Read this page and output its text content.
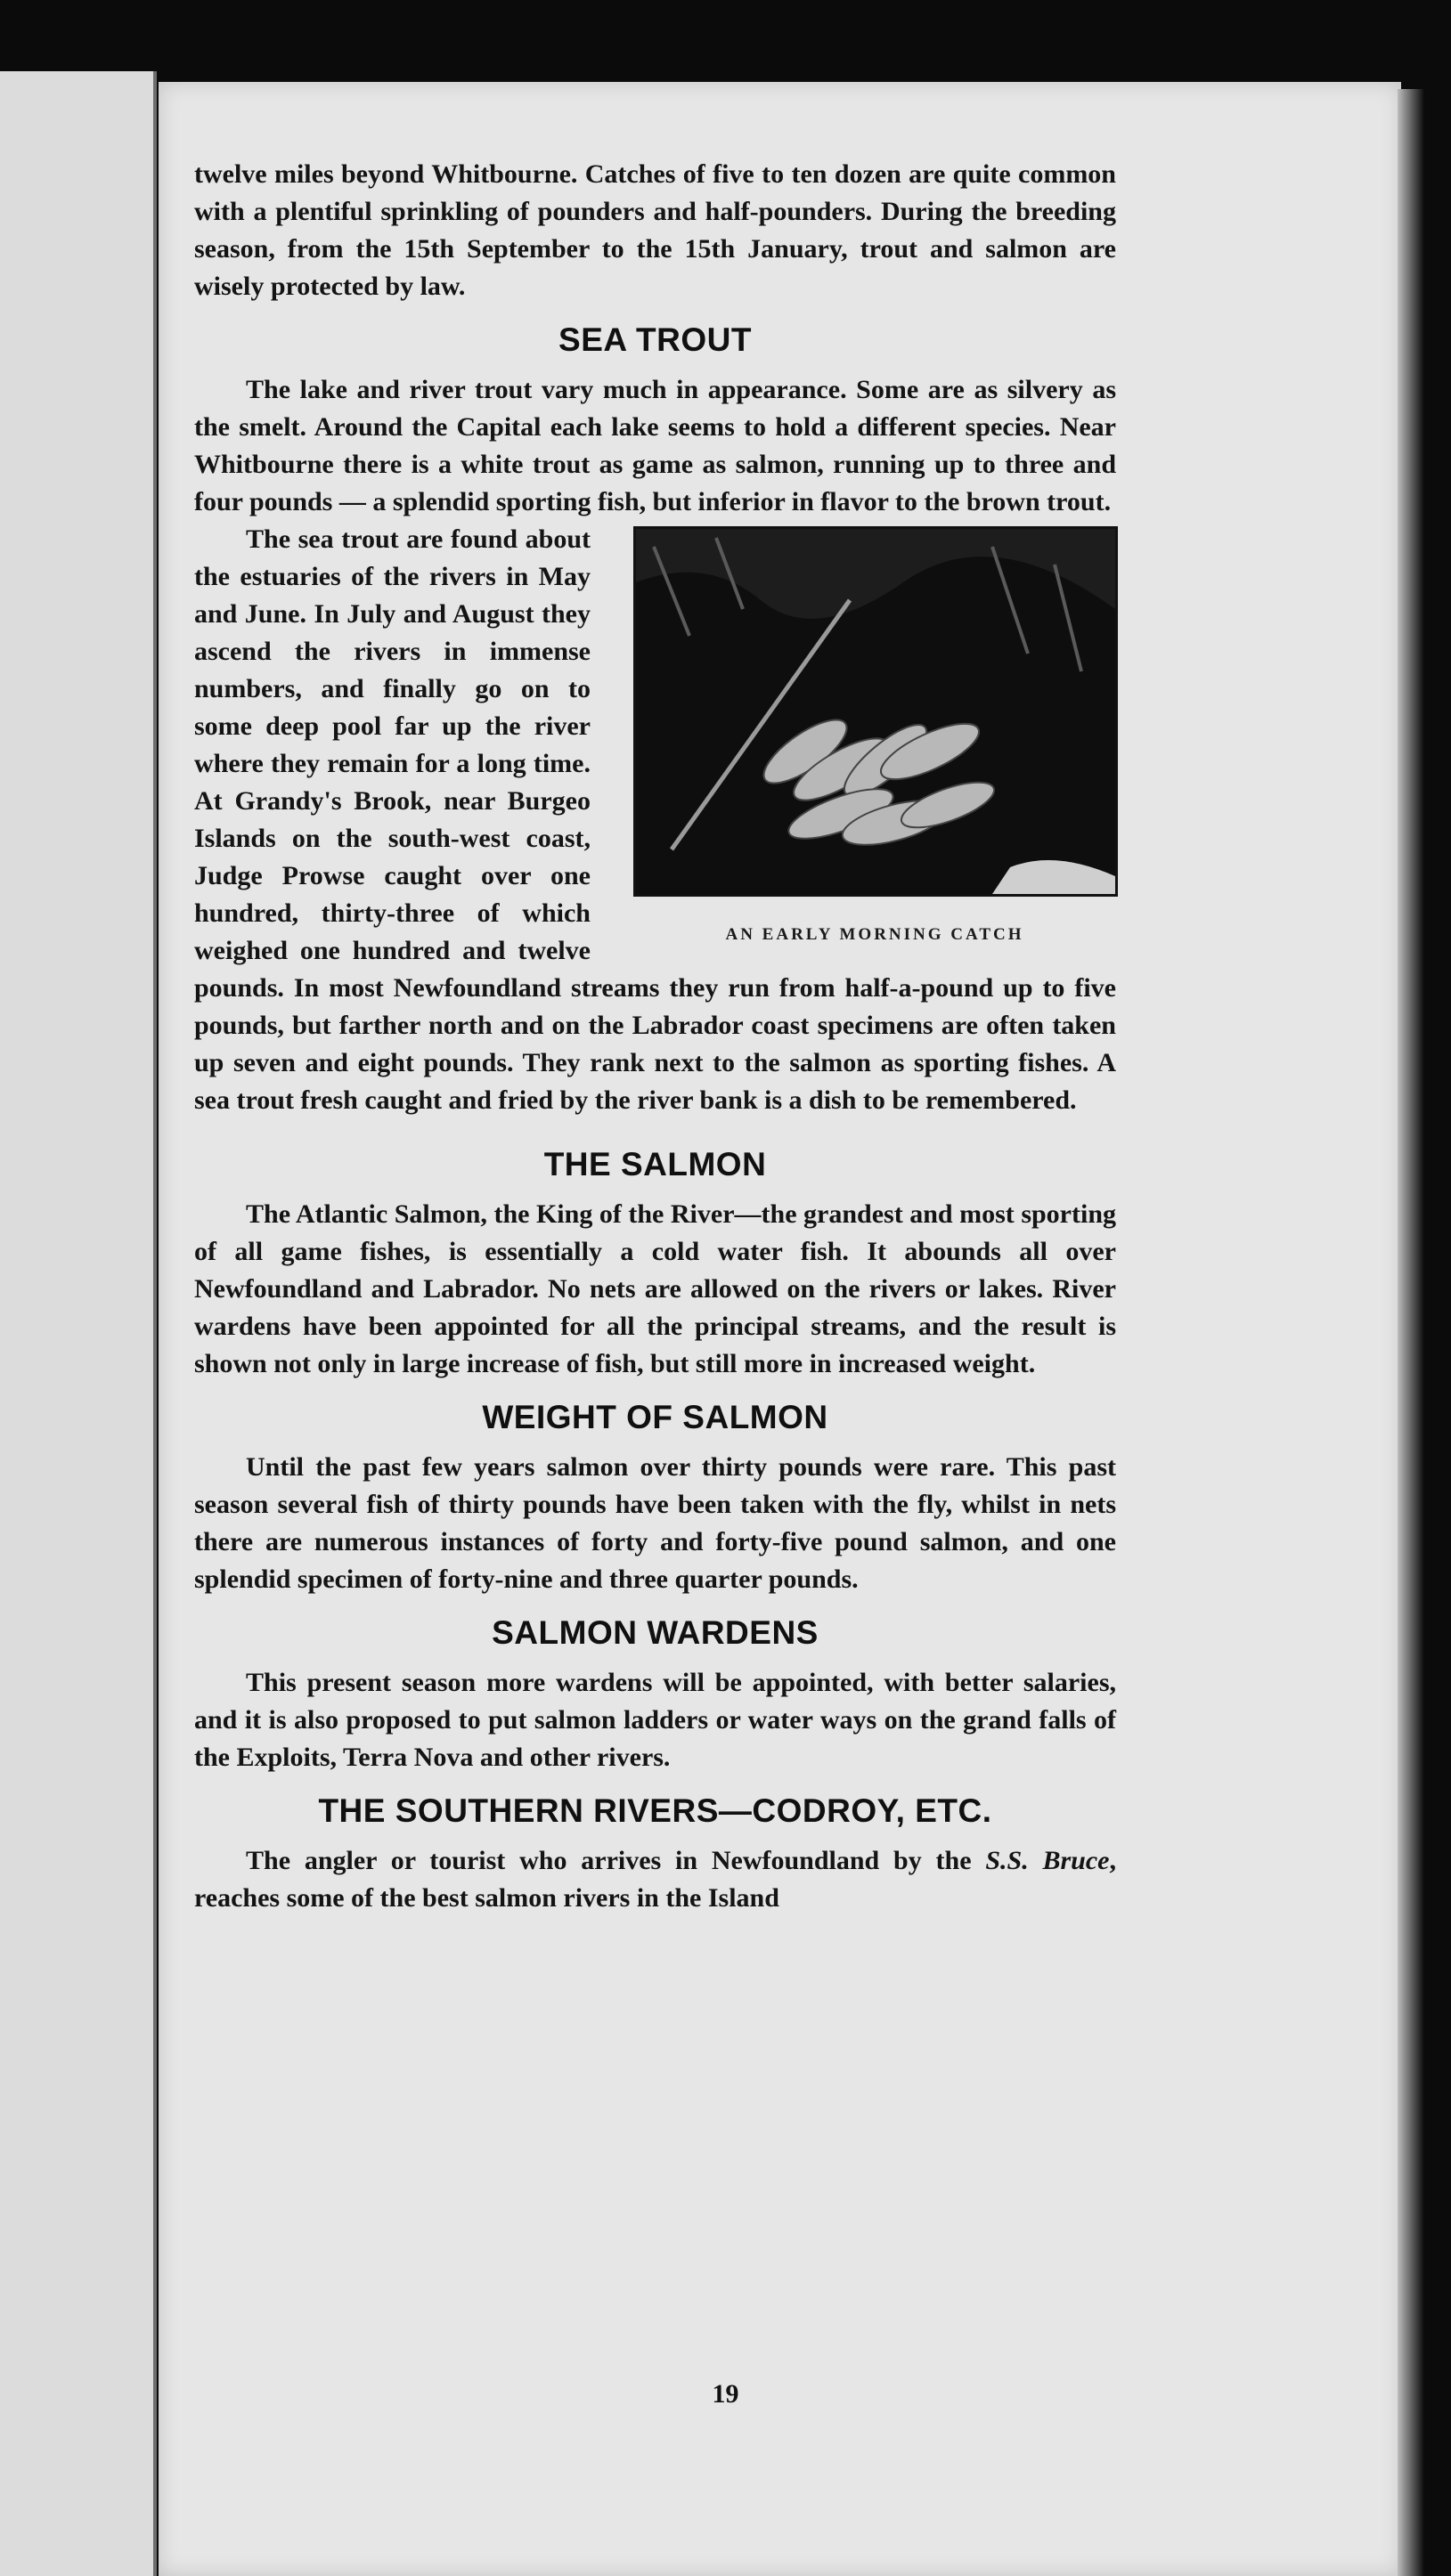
twelve miles beyond Whitbourne. Catches of five to ten dozen are quite common with a plentiful sprinkling of pounders and half-pounders. During the breeding season, from the 15th September to the 15th January, trout and salmon are wisely protected by law.

SEA TROUT

The lake and river trout vary much in appearance. Some are as silvery as the smelt. Around the Capital each lake seems to hold a different species. Near Whitbourne there is a white trout as game as salmon, running up to three and four pounds — a splendid sporting fish, but inferior in flavor to the brown trout.

AN EARLY MORNING CATCH

The sea trout are found about the estuaries of the rivers in May and June. In July and August they ascend the rivers in immense numbers, and finally go on to some deep pool far up the river where they remain for a long time. At Grandy's Brook, near Burgeo Islands on the south-west coast, Judge Prowse caught over one hundred, thirty-three of which weighed one hundred and twelve pounds. In most Newfoundland streams they run from half-a-pound up to five pounds, but farther north and on the Labrador coast specimens are often taken up seven and eight pounds. They rank next to the salmon as sporting fishes. A sea trout fresh caught and fried by the river bank is a dish to be remembered.

THE SALMON

The Atlantic Salmon, the King of the River—the grandest and most sporting of all game fishes, is essentially a cold water fish. It abounds all over Newfoundland and Labrador. No nets are allowed on the rivers or lakes. River wardens have been appointed for all the principal streams, and the result is shown not only in large increase of fish, but still more in increased weight.

WEIGHT OF SALMON

Until the past few years salmon over thirty pounds were rare. This past season several fish of thirty pounds have been taken with the fly, whilst in nets there are numerous instances of forty and forty-five pound salmon, and one splendid specimen of forty-nine and three quarter pounds.

SALMON WARDENS

This present season more wardens will be appointed, with better salaries, and it is also proposed to put salmon ladders or water ways on the grand falls of the Exploits, Terra Nova and other rivers.

THE SOUTHERN RIVERS—CODROY, ETC.

The angler or tourist who arrives in Newfoundland by the S.S. Bruce, reaches some of the best salmon rivers in the Island

19
